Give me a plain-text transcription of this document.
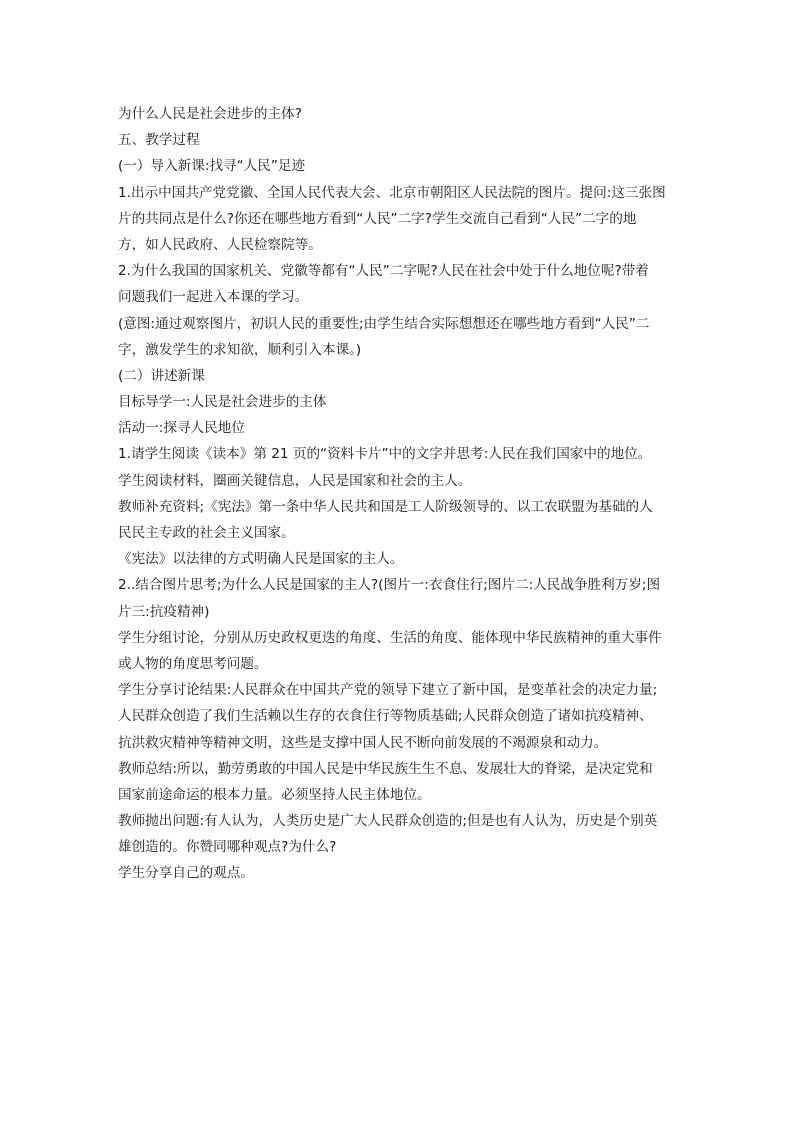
为什么人民是社会进步的主体?
五、教学过程
(一）导入新课:找寻“人民”足迹
1.出示中国共产党党徽、全国人民代表大会、北京市朝阳区人民法院的图片。提问:这三张图
片的共同点是什么?你还在哪些地方看到“人民”二字?学生交流自己看到“人民”二字的地
方，如人民政府、人民检察院等。
2.为什么我国的国家机关、党徽等都有“人民”二字呢?人民在社会中处于什么地位呢?带着
问题我们一起进入本课的学习。
(意图:通过观察图片，初识人民的重要性;由学生结合实际想想还在哪些地方看到“人民”二
字，激发学生的求知欲，顺利引入本课。)
(二）讲述新课
目标导学一:人民是社会进步的主体
活动一:探寻人民地位
1.请学生阅读《读本》第 21 页的“资料卡片”中的文字并思考:人民在我们国家中的地位。
学生阅读材料，圈画关键信息，人民是国家和社会的主人。
教师补充资料;《宪法》第一条中华人民共和国是工人阶级领导的、以工农联盟为基础的人
民民主专政的社会主义国家。
《宪法》以法律的方式明确人民是国家的主人。
2..结合图片思考;为什么人民是国家的主人?(图片一:衣食住行;图片二:人民战争胜利万岁;图
片三:抗疫精神)
学生分组讨论，分别从历史政权更迭的角度、生活的角度、能体现中华民族精神的重大事件
或人物的角度思考问题。
学生分享讨论结果:人民群众在中国共产党的领导下建立了新中国，是变革社会的决定力量;
人民群众创造了我们生活赖以生存的衣食住行等物质基础;人民群众创造了诸如抗疫精神、
抗洪救灾精神等精神文明，这些是支撑中国人民不断向前发展的不竭源泉和动力。
教师总结:所以，勤劳勇敢的中国人民是中华民族生生不息、发展壮大的脊梁，是决定党和
国家前途命运的根本力量。必须坚持人民主体地位。
教师抛出问题:有人认为，人类历史是广大人民群众创造的;但是也有人认为，历史是个别英
雄创造的。你赞同哪种观点?为什么?
学生分享自己的观点。
